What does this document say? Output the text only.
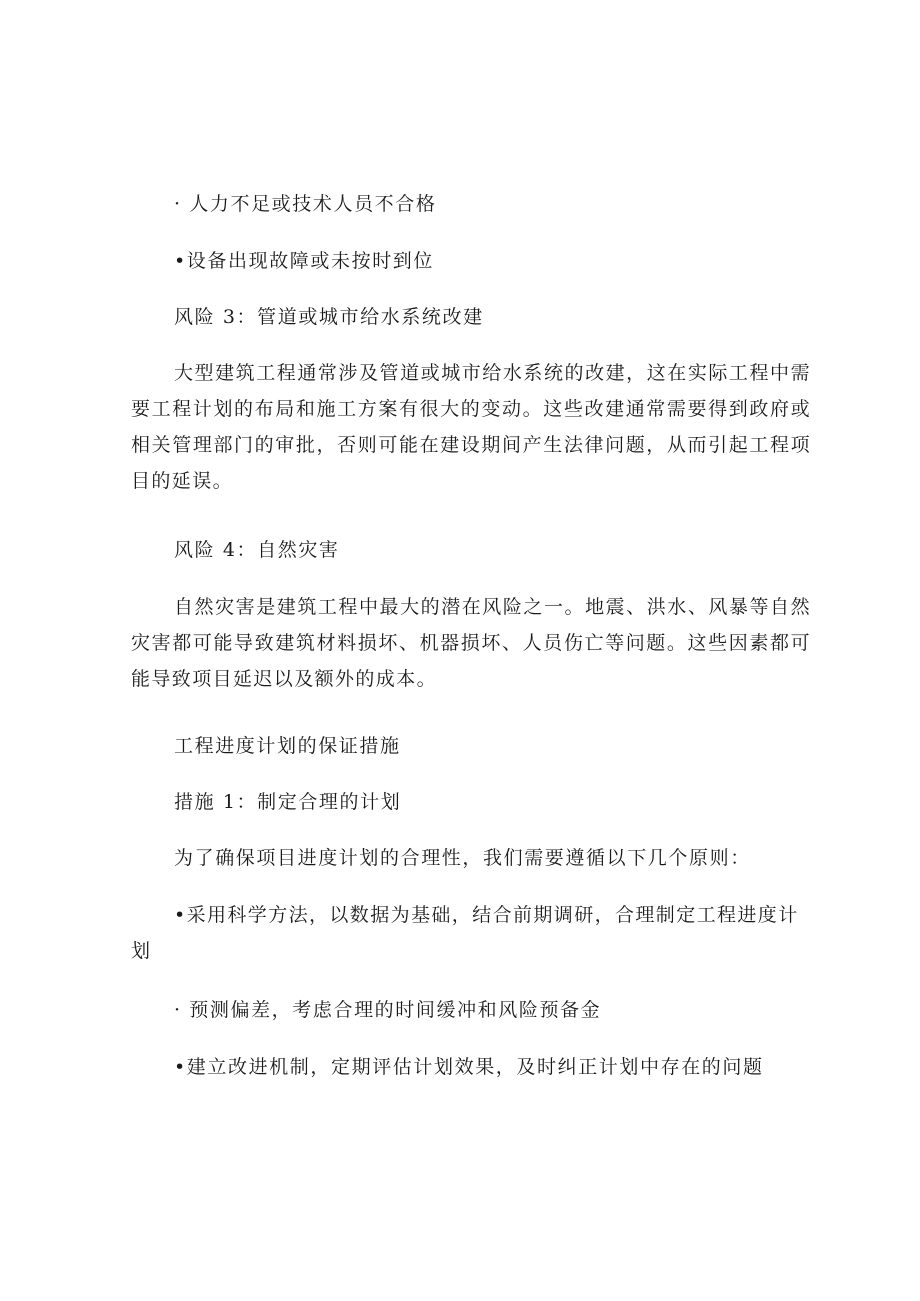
· 人力不足或技术人员不合格

•设备出现故障或未按时到位

风险 3：管道或城市给水系统改建

大型建筑工程通常涉及管道或城市给水系统的改建，这在实际工程中需要工程计划的布局和施工方案有很大的变动。这些改建通常需要得到政府或相关管理部门的审批，否则可能在建设期间产生法律问题，从而引起工程项目的延误。

风险 4：自然灾害

自然灾害是建筑工程中最大的潜在风险之一。地震、洪水、风暴等自然灾害都可能导致建筑材料损坏、机器损坏、人员伤亡等问题。这些因素都可能导致项目延迟以及额外的成本。

工程进度计划的保证措施

措施 1：制定合理的计划

为了确保项目进度计划的合理性，我们需要遵循以下几个原则：

•采用科学方法，以数据为基础，结合前期调研，合理制定工程进度计划

· 预测偏差，考虑合理的时间缓冲和风险预备金

•建立改进机制，定期评估计划效果，及时纠正计划中存在的问题
